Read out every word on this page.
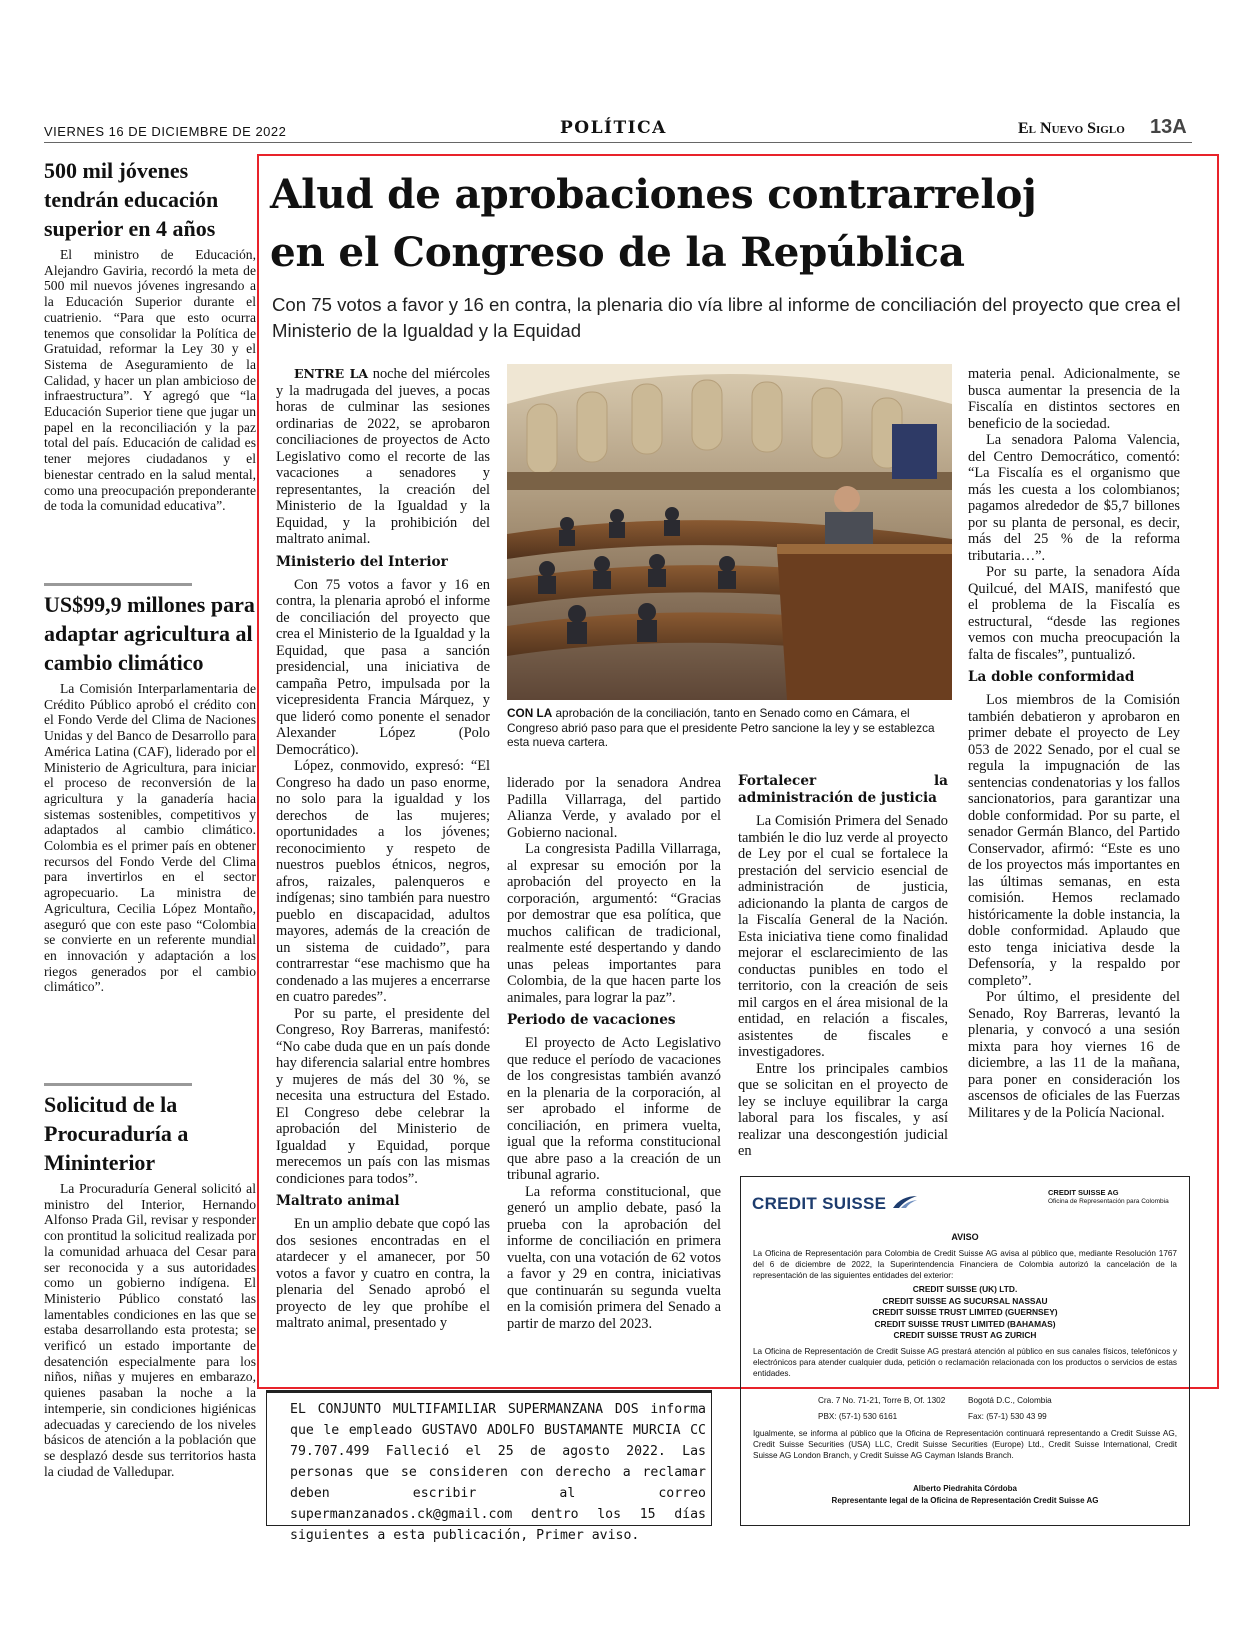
VIERNES 16 DE DICIEMBRE DE 2022	POLÍTICA	El Nuevo Siglo 13A
500 mil jóvenes tendrán educación superior en 4 años

El ministro de Educación, Alejandro Gaviria, recordó la meta de 500 mil nuevos jóvenes ingresando a la Educación Superior durante el cuatrienio. “Para que esto ocurra tenemos que consolidar la Política de Gratuidad, reformar la Ley 30 y el Sistema de Aseguramiento de la Calidad, y hacer un plan ambicioso de infraestructura”. Y agregó que “la Educación Superior tiene que jugar un papel en la reconciliación y la paz total del país. Educación de calidad es tener mejores ciudadanos y el bienestar centrado en la salud mental, como una preocupación preponderante de toda la comunidad educativa”.

US$99,9 millones para adaptar agricultura al cambio climático

La Comisión Interparlamentaria de Crédito Público aprobó el crédito con el Fondo Verde del Clima de Naciones Unidas y del Banco de Desarrollo para América Latina (CAF), liderado por el Ministerio de Agricultura, para iniciar el proceso de reconversión de la agricultura y la ganadería hacia sistemas sostenibles, competitivos y adaptados al cambio climático. Colombia es el primer país en obtener recursos del Fondo Verde del Clima para invertirlos en el sector agropecuario. La ministra de Agricultura, Cecilia López Montaño, aseguró que con este paso “Colombia se convierte en un referente mundial en innovación y adaptación a los riegos generados por el cambio climático”.

Solicitud de la Procuraduría a Mininterior

La Procuraduría General solicitó al ministro del Interior, Hernando Alfonso Prada Gil, revisar y responder con prontitud la solicitud realizada por la comunidad arhuaca del Cesar para ser reconocida y a sus autoridades como un gobierno indígena. El Ministerio Público constató las lamentables condiciones en las que se estaba desarrollando esta protesta; se verificó un estado importante de desatención especialmente para los niños, niñas y mujeres en embarazo, quienes pasaban la noche a la intemperie, sin condiciones higiénicas adecuadas y careciendo de los niveles básicos de atención a la población que se desplazó desde sus territorios hasta la ciudad de Valledupar.

Alud de aprobaciones contrarreloj
en el Congreso de la República
Con 75 votos a favor y 16 en contra, la plenaria dio vía libre al informe de conciliación del proyecto que crea el Ministerio de la Igualdad y la Equidad

ENTRE LA noche del miércoles y la madrugada del jueves, a pocas horas de culminar las sesiones ordinarias de 2022, se aprobaron conciliaciones de proyectos de Acto Legislativo como el recorte de las vacaciones a senadores y representantes, la creación del Ministerio de la Igualdad y la Equidad, y la prohibición del maltrato animal.

Ministerio del Interior

Con 75 votos a favor y 16 en contra, la plenaria aprobó el informe de conciliación del proyecto que crea el Ministerio de la Igualdad y la Equidad, que pasa a sanción presidencial, una iniciativa de campaña Petro, impulsada por la vicepresidenta Francia Márquez, y que lideró como ponente el senador Alexander López (Polo Democrático).

López, conmovido, expresó: “El Congreso ha dado un paso enorme, no solo para la igualdad y los derechos de las mujeres; oportunidades a los jóvenes; reconocimiento y respeto de nuestros pueblos étnicos, negros, afros, raizales, palenqueros e indígenas; sino también para nuestro pueblo en discapacidad, adultos mayores, además de la creación de un sistema de cuidado”, para contrarrestar “ese machismo que ha condenado a las mujeres a encerrarse en cuatro paredes”.

Por su parte, el presidente del Congreso, Roy Barreras, manifestó: “No cabe duda que en un país donde hay diferencia salarial entre hombres y mujeres de más del 30 %, se necesita una estructura del Estado. El Congreso debe celebrar la aprobación del Ministerio de Igualdad y Equidad, porque merecemos un país con las mismas condiciones para todos”.

Maltrato animal

En un amplio debate que copó las dos sesiones encontradas en el atardecer y el amanecer, por 50 votos a favor y cuatro en contra, la plenaria del Senado aprobó el proyecto de ley que prohíbe el maltrato animal, presentado y

CON LA aprobación de la conciliación, tanto en Senado como en Cámara, el Congreso abrió paso para que el presidente Petro sancione la ley y se establezca esta nueva cartera.

liderado por la senadora Andrea Padilla Villarraga, del partido Alianza Verde, y avalado por el Gobierno nacional.

La congresista Padilla Villarraga, al expresar su emoción por la aprobación del proyecto en la corporación, argumentó: “Gracias por demostrar que esa política, que muchos califican de tradicional, realmente esté despertando y dando unas peleas importantes para Colombia, de la que hacen parte los animales, para lograr la paz”.

Periodo de vacaciones

El proyecto de Acto Legislativo que reduce el período de vacaciones de los congresistas también avanzó en la plenaria de la corporación, al ser aprobado el informe de conciliación, en primera vuelta, igual que la reforma constitucional que abre paso a la creación de un tribunal agrario.

La reforma constitucional, que generó un amplio debate, pasó la prueba con la aprobación del informe de conciliación en primera vuelta, con una votación de 62 votos a favor y 29 en contra, iniciativas que continuarán su segunda vuelta en la comisión primera del Senado a partir de marzo del 2023.

Fortalecer la administración de justicia

La Comisión Primera del Senado también le dio luz verde al proyecto de Ley por el cual se fortalece la prestación del servicio esencial de administración de justicia, adicionando la planta de cargos de la Fiscalía General de la Nación. Esta iniciativa tiene como finalidad mejorar el esclarecimiento de las conductas punibles en todo el territorio, con la creación de seis mil cargos en el área misional de la entidad, en relación a fiscales, asistentes de fiscales e investigadores.

Entre los principales cambios que se solicitan en el proyecto de ley se incluye equilibrar la carga laboral para los fiscales, y así realizar una descongestión judicial en

materia penal. Adicionalmente, se busca aumentar la presencia de la Fiscalía en distintos sectores en beneficio de la sociedad.

La senadora Paloma Valencia, del Centro Democrático, comentó: “La Fiscalía es el organismo que más les cuesta a los colombianos; pagamos alrededor de $5,7 billones por su planta de personal, es decir, más del 25 % de la reforma tributaria…”.

Por su parte, la senadora Aída Quilcué, del MAIS, manifestó que el problema de la Fiscalía es estructural, “desde las regiones vemos con mucha preocupación la falta de fiscales”, puntualizó.

La doble conformidad

Los miembros de la Comisión también debatieron y aprobaron en primer debate el proyecto de Ley 053 de 2022 Senado, por el cual se regula la impugnación de las sentencias condenatorias y los fallos sancionatorios, para garantizar una doble conformidad. Por su parte, el senador Germán Blanco, del Partido Conservador, afirmó: “Este es uno de los proyectos más importantes en las últimas semanas, en esta comisión. Hemos reclamado históricamente la doble instancia, la doble conformidad. Aplaudo que esto tenga iniciativa desde la Defensoría, y la respaldo por completo”.

Por último, el presidente del Senado, Roy Barreras, levantó la plenaria, y convocó a una sesión mixta para hoy viernes 16 de diciembre, a las 11 de la mañana, para poner en consideración los ascensos de oficiales de las Fuerzas Militares y de la Policía Nacional.

EL CONJUNTO MULTIFAMILIAR SUPERMANZANA DOS informa que le empleado GUSTAVO ADOLFO BUSTAMANTE MURCIA CC 79.707.499 Falleció el 25 de agosto 2022. Las personas que se consideren con derecho a reclamar deben escribir al correo supermanzanados.ck@gmail.com dentro los 15 días siguientes a esta publicación, Primer aviso.
CREDIT SUISSE
CREDIT SUISSE AG
Oficina de Representación para Colombia
AVISO
La Oficina de Representación para Colombia de Credit Suisse AG avisa al público que, mediante Resolución 1767 del 6 de diciembre de 2022, la Superintendencia Financiera de Colombia autorizó la cancelación de la representación de las siguientes entidades del exterior:
CREDIT SUISSE (UK) LTD.
CREDIT SUISSE AG SUCURSAL NASSAU
CREDIT SUISSE TRUST LIMITED (GUERNSEY)
CREDIT SUISSE TRUST LIMITED (BAHAMAS)
CREDIT SUISSE TRUST AG ZURICH
La Oficina de Representación de Credit Suisse AG prestará atención al público en sus canales físicos, telefónicos y electrónicos para atender cualquier duda, petición o reclamación relacionada con los productos o servicios de estas entidades.
Cra. 7 No. 71-21, Torre B, Of. 1302	Bogotá D.C., Colombia
PBX: (57-1) 530 6161	Fax: (57-1) 530 43 99
Igualmente, se informa al público que la Oficina de Representación continuará representando a Credit Suisse AG, Credit Suisse Securities (USA) LLC, Credit Suisse Securities (Europe) Ltd., Credit Suisse International, Credit Suisse AG London Branch, y Credit Suisse AG Cayman Islands Branch.
Alberto Piedrahita Córdoba
Representante legal de la Oficina de Representación Credit Suisse AG
